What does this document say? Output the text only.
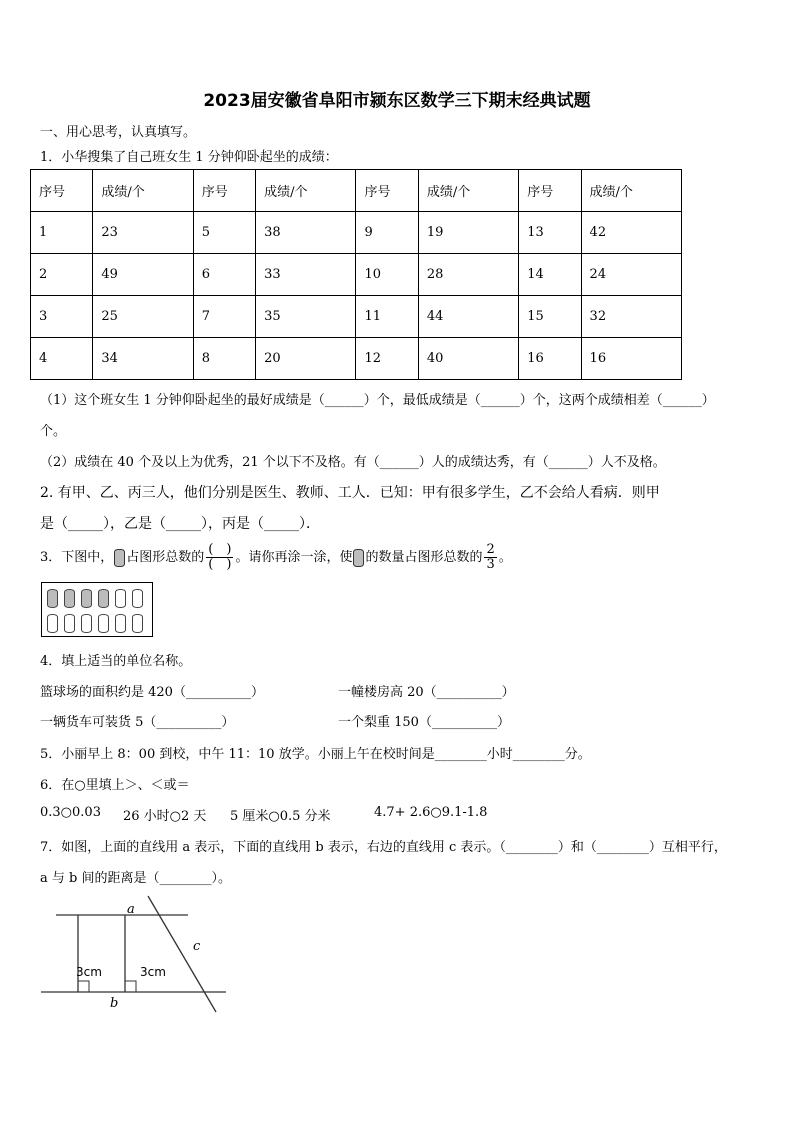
2023届安徽省阜阳市颍东区数学三下期末经典试题
一、用心思考，认真填写。
1．小华搜集了自己班女生 1 分钟仰卧起坐的成绩：
序号	成绩/个	序号	成绩/个	序号	成绩/个	序号	成绩/个
1	23	5	38	9	19	13	42
2	49	6	33	10	28	14	24
3	25	7	35	11	44	15	32
4	34	8	20	12	40	16	16
（1）这个班女生 1 分钟仰卧起坐的最好成绩是（______）个，最低成绩是（______）个，这两个成绩相差（______）
个。
（2）成绩在 40 个及以上为优秀，21 个以下不及格。有（______）人的成绩达秀，有（______）人不及格。
2. 有甲、乙、丙三人，他们分别是医生、教师、工人．已知：甲有很多学生，乙不会给人看病．则甲
是（_____），乙是（_____），丙是（_____）．
3．下图中， 占图形总数的 $\frac{( )}{( )}$ 。请你再涂一涂，使 的数量占图形总数的 $\frac{2}{3}$ 。
4．填上适当的单位名称。
篮球场的面积约是 420（__________）	一幢楼房高 20（__________）
一辆货车可装货 5（__________）	一个梨重 150（__________）
5．小丽早上 8：00 到校，中午 11：10 放学。小丽上午在校时间是________小时________分。
6．在○里填上＞、＜或＝
0.3○0.03 26 小时○2 天 5 厘米○0.5 分米	4.7+ 2.6○9.1-1.8
7．如图，上面的直线用 a 表示，下面的直线用 b 表示，右边的直线用 c 表示。（________）和（________）互相平行，
a 与 b 间的距离是（________）。
a
b
c
3cm	3cm
